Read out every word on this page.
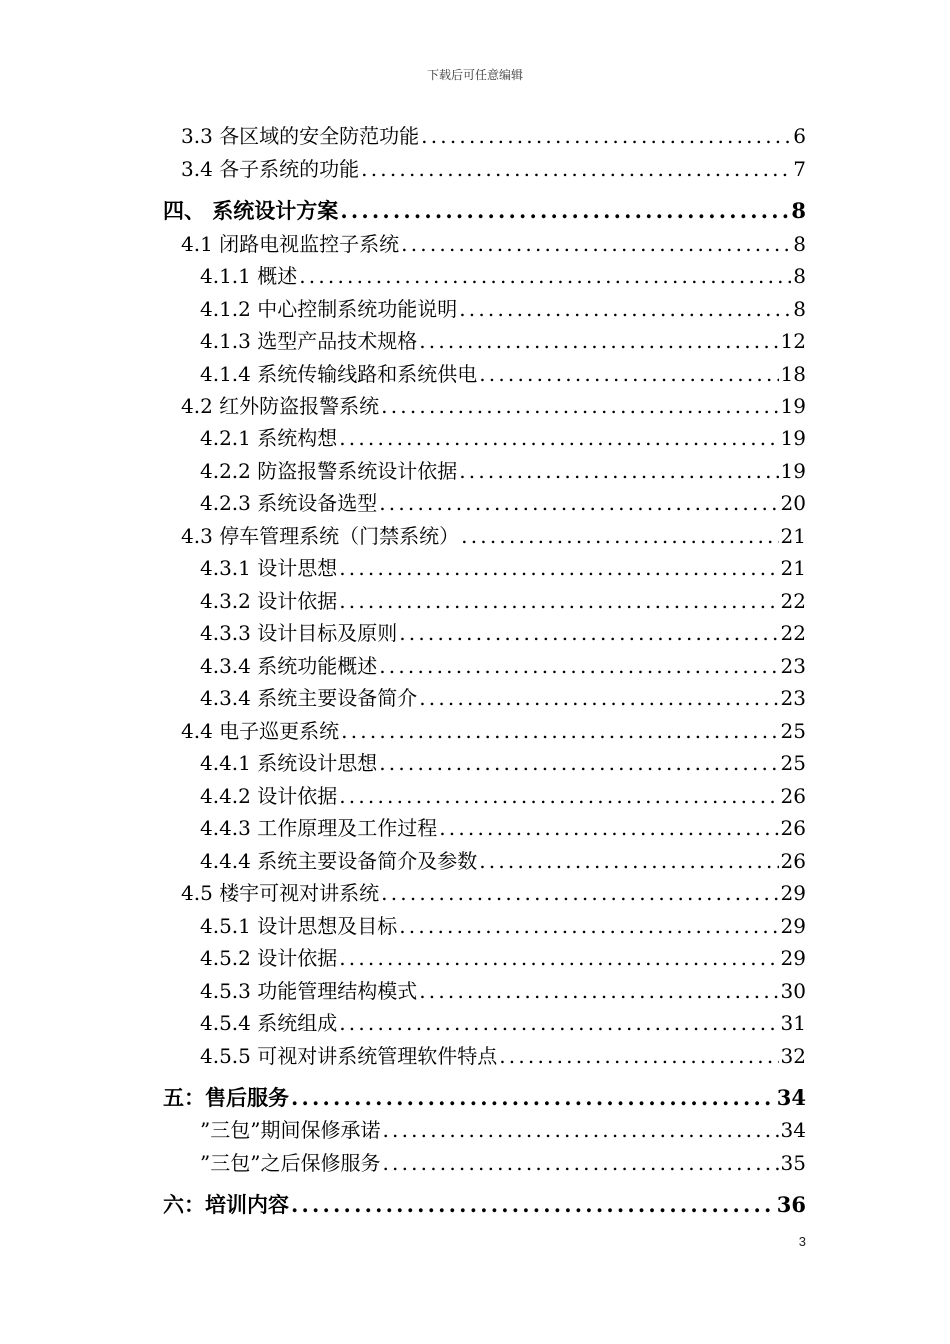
下载后可任意编辑
3.3 各区域的安全防范功能 .....	6
3.4 各子系统的功能 .....	7
四、 系统设计方案 .....	8
4.1 闭路电视监控子系统 .....	8
4.1.1 概述 .....	8
4.1.2 中心控制系统功能说明 .....	8
4.1.3 选型产品技术规格 .....	12
4.1.4 系统传输线路和系统供电 .....	18
4.2 红外防盗报警系统 .....	19
4.2.1 系统构想 .....	19
4.2.2 防盗报警系统设计依据 .....	19
4.2.3 系统设备选型 .....	20
4.3 停车管理系统（门禁系统） .....	21
4.3.1 设计思想 .....	21
4.3.2 设计依据 .....	22
4.3.3 设计目标及原则 .....	22
4.3.4 系统功能概述 .....	23
4.3.4 系统主要设备简介 .....	23
4.4 电子巡更系统 .....	25
4.4.1 系统设计思想 .....	25
4.4.2 设计依据 .....	26
4.4.3 工作原理及工作过程 .....	26
4.4.4 系统主要设备简介及参数 .....	26
4.5 楼宇可视对讲系统 .....	29
4.5.1 设计思想及目标 .....	29
4.5.2 设计依据 .....	29
4.5.3 功能管理结构模式 .....	30
4.5.4 系统组成 .....	31
4.5.5 可视对讲系统管理软件特点 .....	32
五：售后服务 .....	34
”三包”期间保修承诺 .....	34
”三包”之后保修服务 .....	35
六：培训内容 .....	36
3
